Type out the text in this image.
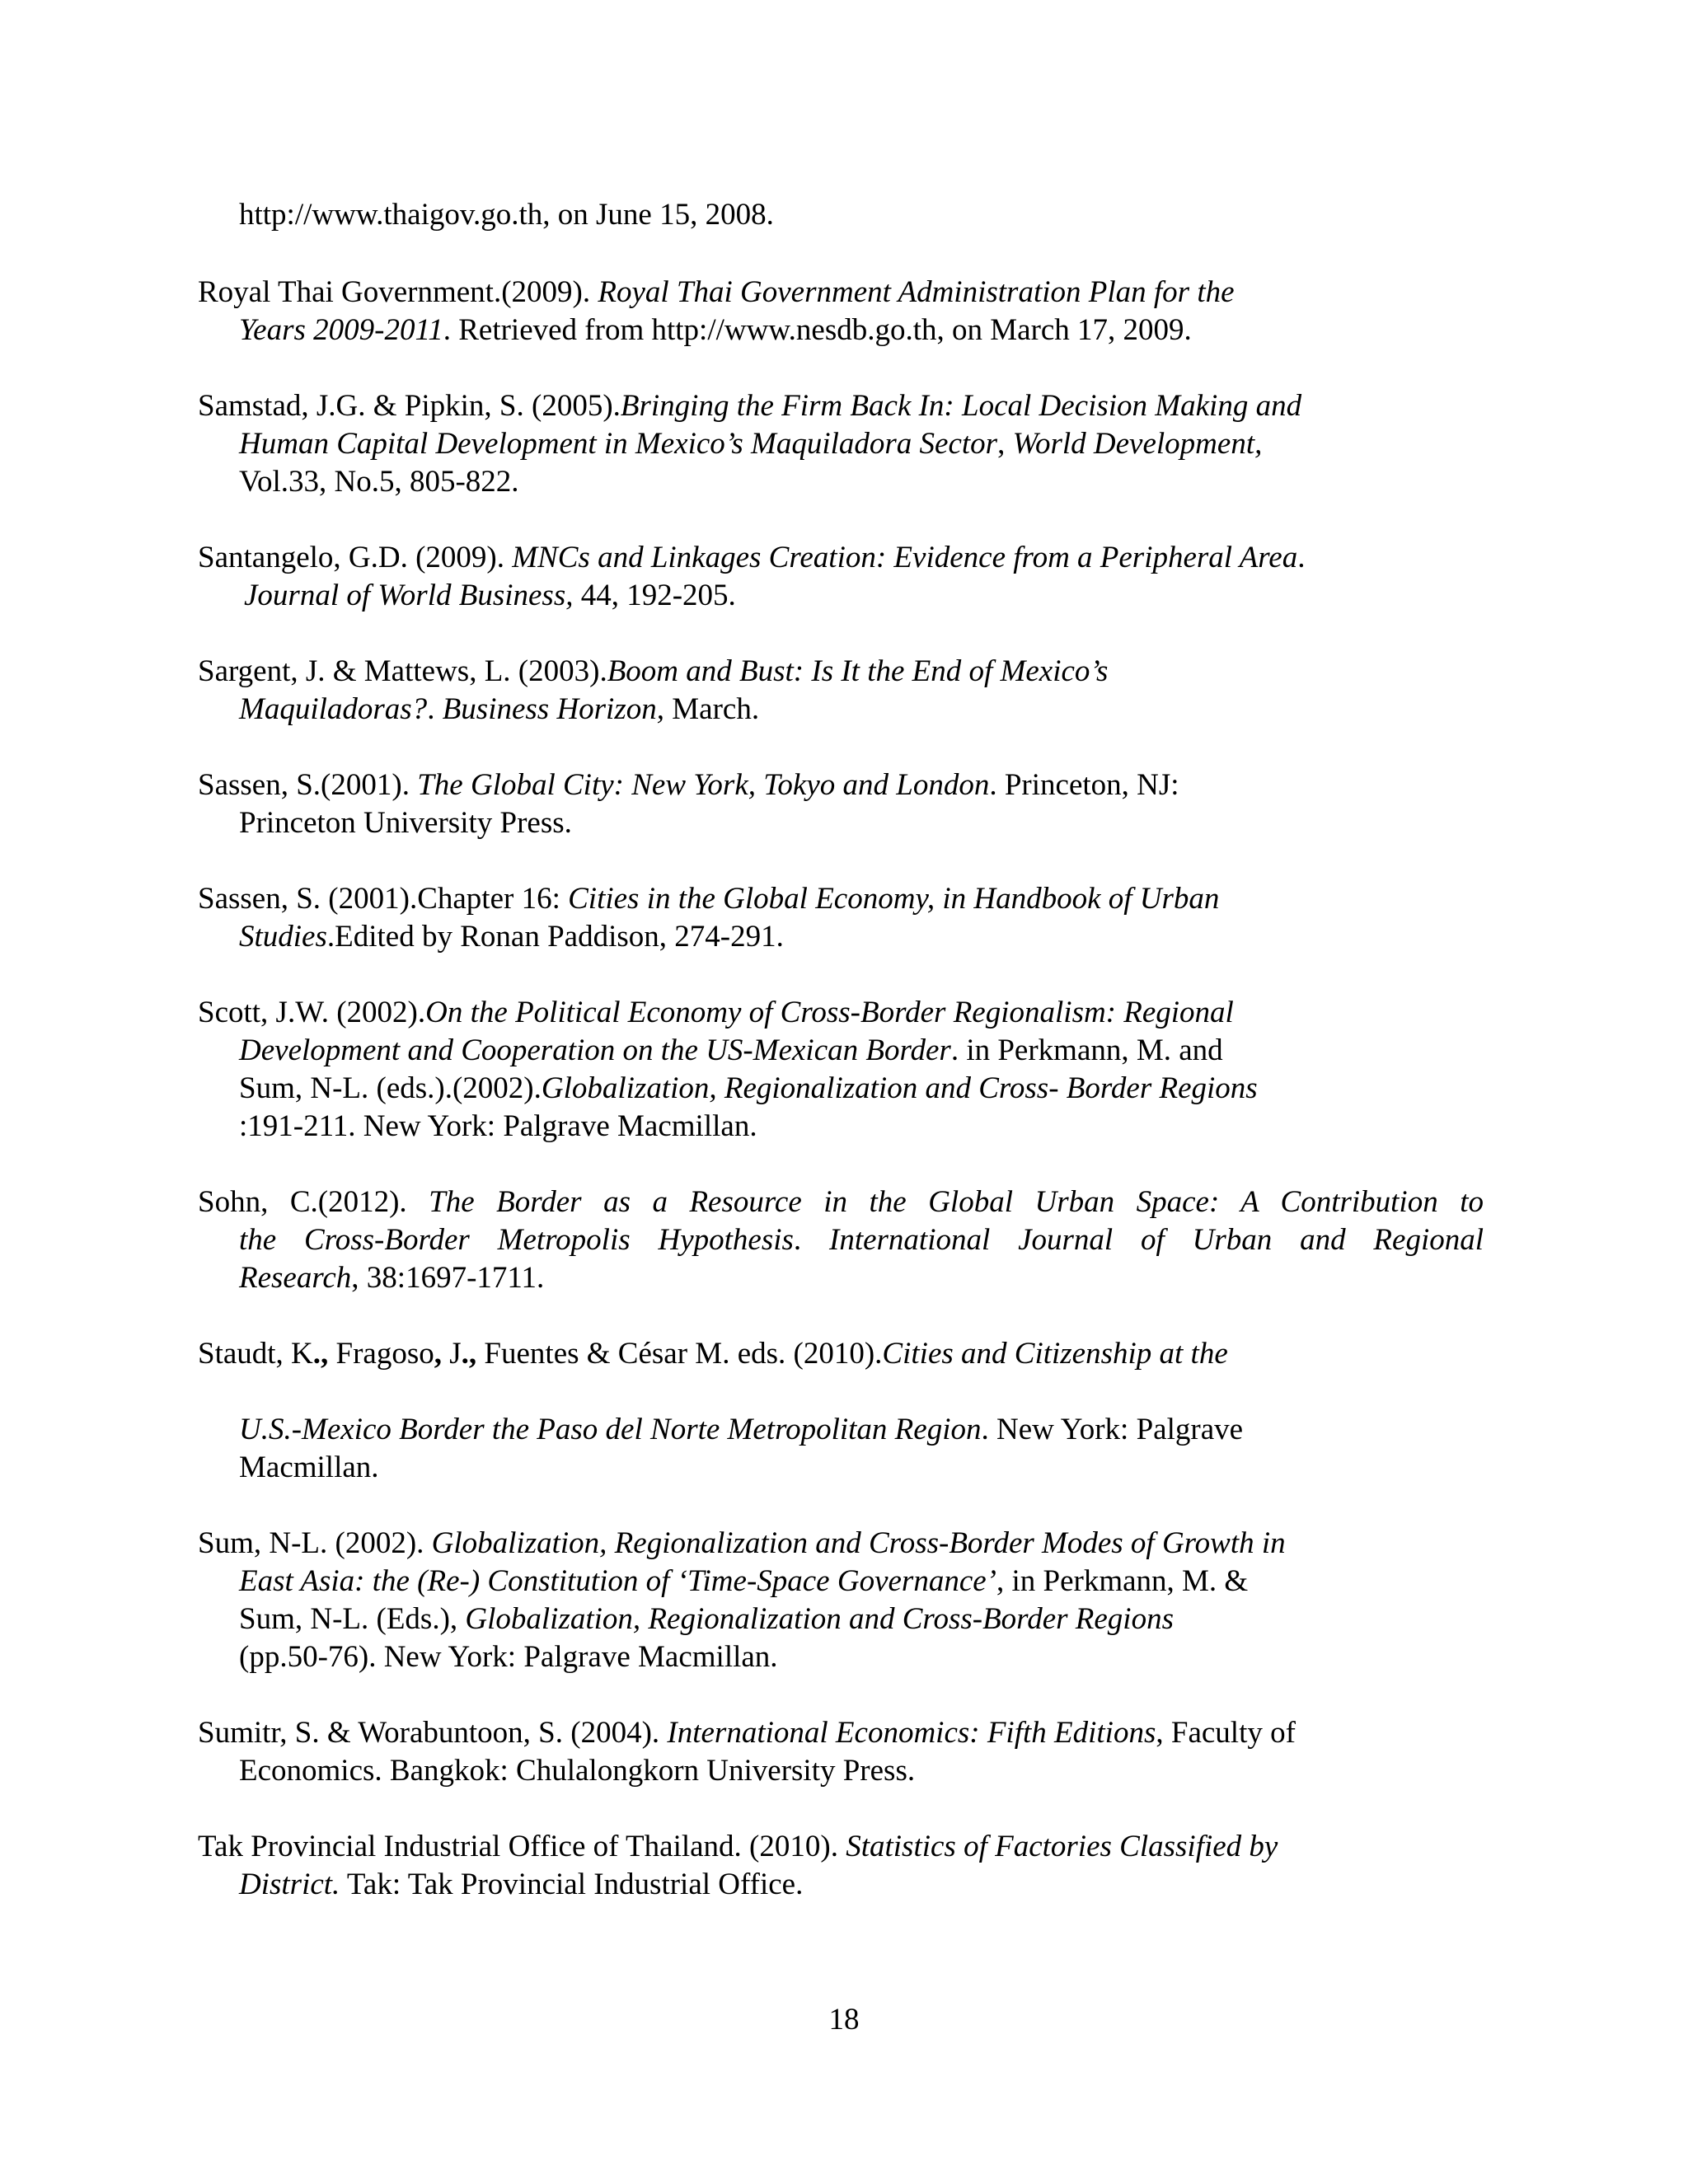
http://www.thaigov.go.th, on June 15, 2008.
Royal Thai Government.(2009). Royal Thai Government Administration Plan for the
Years 2009-2011. Retrieved from http://www.nesdb.go.th, on March 17, 2009.
Samstad, J.G. & Pipkin, S. (2005).Bringing the Firm Back In: Local Decision Making and
Human Capital Development in Mexico’s Maquiladora Sector, World Development,
Vol.33, No.5, 805-822.
Santangelo, G.D. (2009). MNCs and Linkages Creation: Evidence from a Peripheral Area.
Journal of World Business, 44, 192-205.
Sargent, J. & Mattews, L. (2003).Boom and Bust: Is It the End of Mexico’s
Maquiladoras?. Business Horizon, March.
Sassen, S.(2001). The Global City: New York, Tokyo and London. Princeton, NJ:
Princeton University Press.
Sassen, S. (2001).Chapter 16: Cities in the Global Economy, in Handbook of Urban
Studies.Edited by Ronan Paddison, 274-291.
Scott, J.W. (2002).On the Political Economy of Cross-Border Regionalism: Regional
Development and Cooperation on the US-Mexican Border. in Perkmann, M. and
Sum, N-L. (eds.).(2002).Globalization, Regionalization and Cross- Border Regions
:191-211. New York: Palgrave Macmillan.
Sohn, C.(2012). The Border as a Resource in the Global Urban Space: A Contribution to
the Cross-Border Metropolis Hypothesis. International Journal of Urban and Regional
Research, 38:1697-1711.
Staudt, K., Fragoso, J., Fuentes & César M. eds. (2010).Cities and Citizenship at the
U.S.-Mexico Border the Paso del Norte Metropolitan Region. New York: Palgrave
Macmillan.
Sum, N-L. (2002). Globalization, Regionalization and Cross-Border Modes of Growth in
East Asia: the (Re-) Constitution of ‘Time-Space Governance’, in Perkmann, M. &
Sum, N-L. (Eds.), Globalization, Regionalization and Cross-Border Regions
(pp.50-76). New York: Palgrave Macmillan.
Sumitr, S. & Worabuntoon, S. (2004). International Economics: Fifth Editions, Faculty of
Economics. Bangkok: Chulalongkorn University Press.
Tak Provincial Industrial Office of Thailand. (2010). Statistics of Factories Classified by
District. Tak: Tak Provincial Industrial Office.
18
